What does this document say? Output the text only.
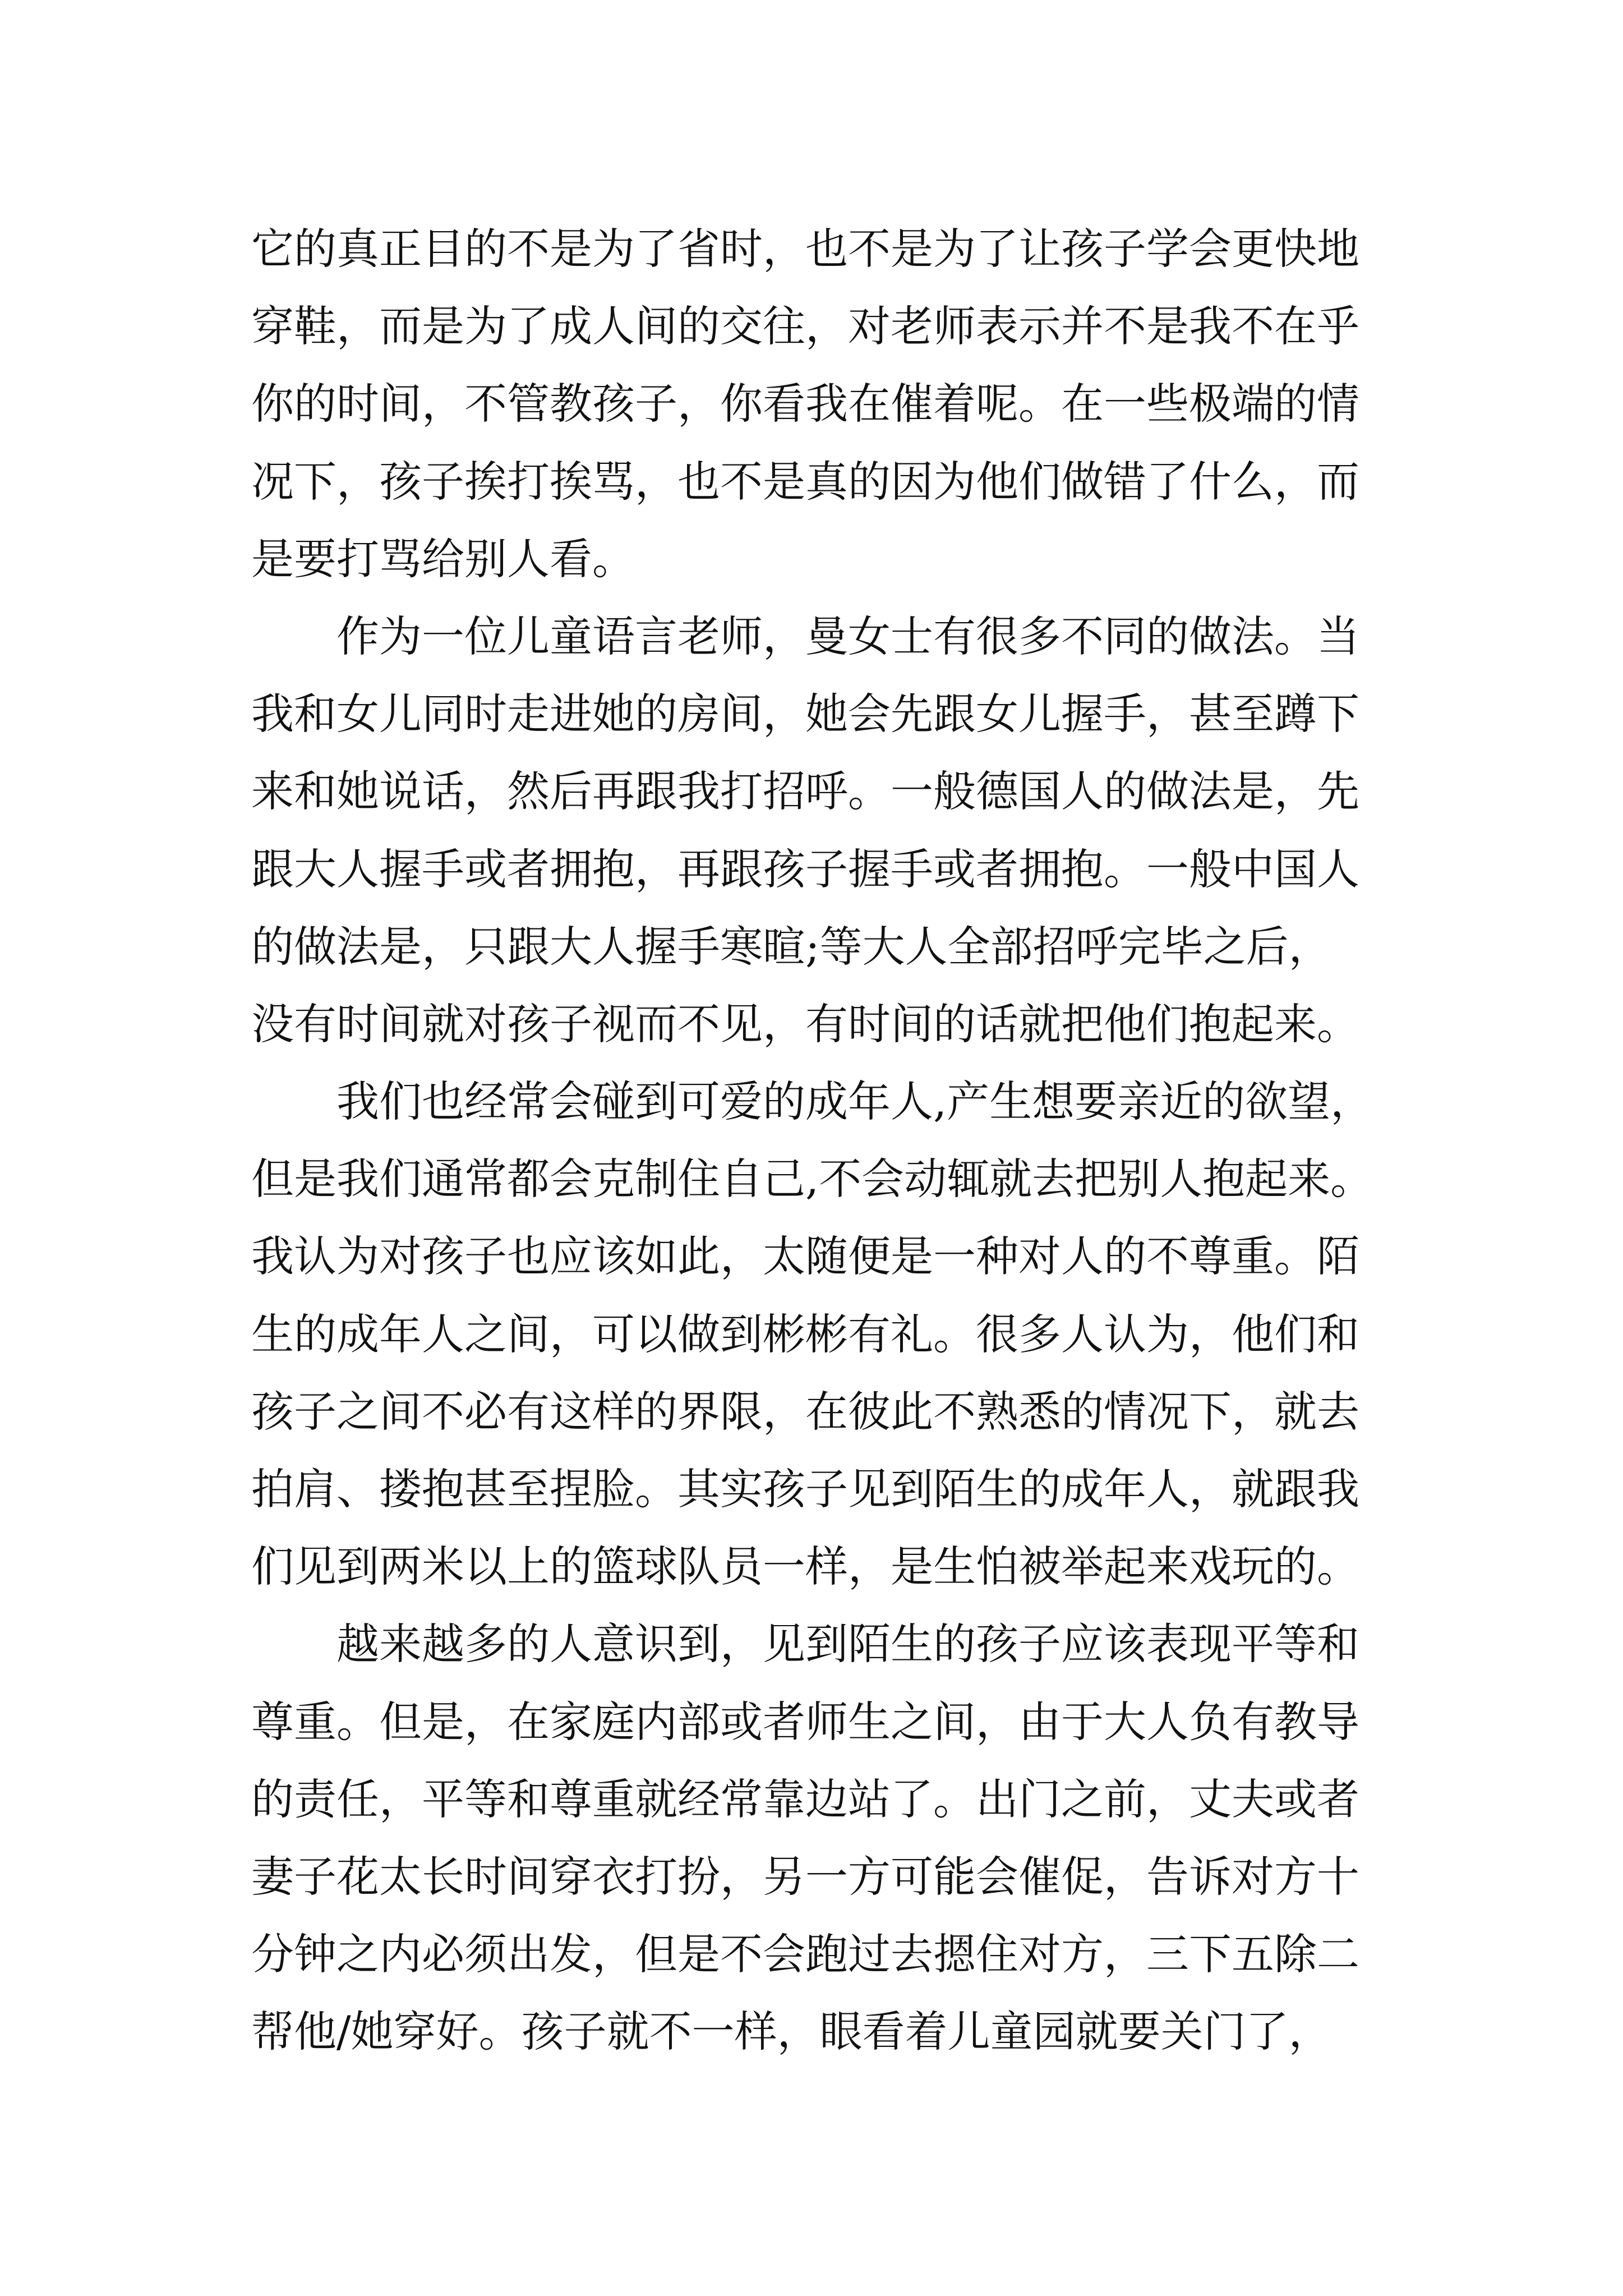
它的真正目的不是为了省时，也不是为了让孩子学会更快地
穿鞋，而是为了成人间的交往，对老师表示并不是我不在乎
你的时间，不管教孩子，你看我在催着呢。在一些极端的情
况下，孩子挨打挨骂，也不是真的因为他们做错了什么，而
是要打骂给别人看。
作为一位儿童语言老师，曼女士有很多不同的做法。当
我和女儿同时走进她的房间，她会先跟女儿握手，甚至蹲下
来和她说话，然后再跟我打招呼。一般德国人的做法是，先
跟大人握手或者拥抱，再跟孩子握手或者拥抱。一般中国人
的做法是，只跟大人握手寒暄;等大人全部招呼完毕之后，
没有时间就对孩子视而不见，有时间的话就把他们抱起来。
我们也经常会碰到可爱的成年人,产生想要亲近的欲望，
但是我们通常都会克制住自己,不会动辄就去把别人抱起来。
我认为对孩子也应该如此，太随便是一种对人的不尊重。陌
生的成年人之间，可以做到彬彬有礼。很多人认为，他们和
孩子之间不必有这样的界限，在彼此不熟悉的情况下，就去
拍肩、搂抱甚至捏脸。其实孩子见到陌生的成年人，就跟我
们见到两米以上的篮球队员一样，是生怕被举起来戏玩的。
越来越多的人意识到，见到陌生的孩子应该表现平等和
尊重。但是，在家庭内部或者师生之间，由于大人负有教导
的责任，平等和尊重就经常靠边站了。出门之前，丈夫或者
妻子花太长时间穿衣打扮，另一方可能会催促，告诉对方十
分钟之内必须出发，但是不会跑过去摁住对方，三下五除二
帮他/她穿好。孩子就不一样，眼看着儿童园就要关门了，
